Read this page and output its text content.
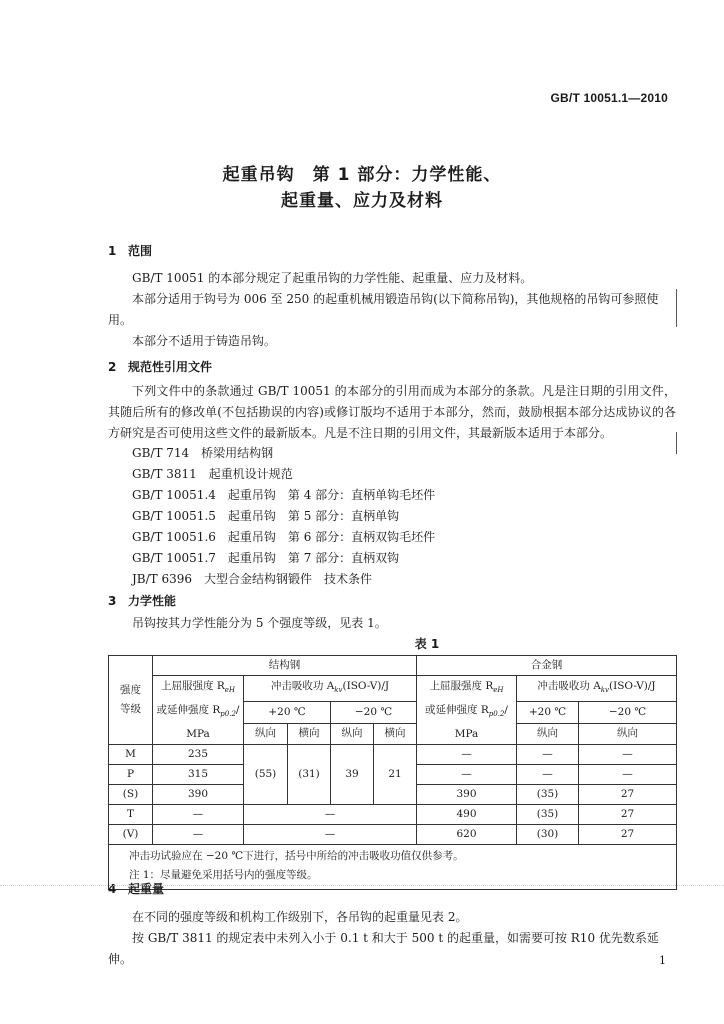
GB/T 10051.1—2010
起重吊钩　第 1 部分：力学性能、
起重量、应力及材料
1 范围
GB/T 10051 的本部分规定了起重吊钩的力学性能、起重量、应力及材料。
本部分适用于钩号为 006 至 250 的起重机械用锻造吊钩(以下简称吊钩)，其他规格的吊钩可参照使用。
本部分不适用于铸造吊钩。
2 规范性引用文件
下列文件中的条款通过 GB/T 10051 的本部分的引用而成为本部分的条款。凡是注日期的引用文件，其随后所有的修改单(不包括勘误的内容)或修订版均不适用于本部分，然而，鼓励根据本部分达成协议的各方研究是否可使用这些文件的最新版本。凡是不注日期的引用文件，其最新版本适用于本部分。
GB/T 714　桥梁用结构钢
GB/T 3811　起重机设计规范
GB/T 10051.4　起重吊钩　第 4 部分：直柄单钩毛坯件
GB/T 10051.5　起重吊钩　第 5 部分：直柄单钩
GB/T 10051.6　起重吊钩　第 6 部分：直柄双钩毛坯件
GB/T 10051.7　起重吊钩　第 7 部分：直柄双钩
JB/T 6396　大型合金结构钢锻件　技术条件
3 力学性能
吊钩按其力学性能分为 5 个强度等级，见表 1。
表 1
强度等级	结构钢					合金钢		
	上屈服强度 $R_{eH}$
或延伸强度 $R_{p0.2}/$
MPa	冲击吸收功 $A_{kv}(ISO-V)/J$				上屈服强度 $R_{eH}$
或延伸强度 $R_{p0.2}/$
MPa	冲击吸收功 $A_{kv}(ISO-V)/J$	
		+20 ℃		−20 ℃			+20 ℃	−20 ℃
		纵向	横向	纵向	横向		纵向	纵向
M	235	(55)	(31)	39	21	—	—	—
P	315					—	—	—
(S)	390					390	(35)	27
T	—	—				490	(35)	27
(V)	—	—				620	(30)	27

冲击功试验应在 −20 ℃下进行，括号中所给的冲击吸收功值仅供参考。
注 1：尽量避免采用括号内的强度等级。								
4 起重量
在不同的强度等级和机构工作级别下，各吊钩的起重量见表 2。
按 GB/T 3811 的规定表中未列入小于 0.1 t 和大于 500 t 的起重量，如需要可按 R10 优先数系延伸。	1
